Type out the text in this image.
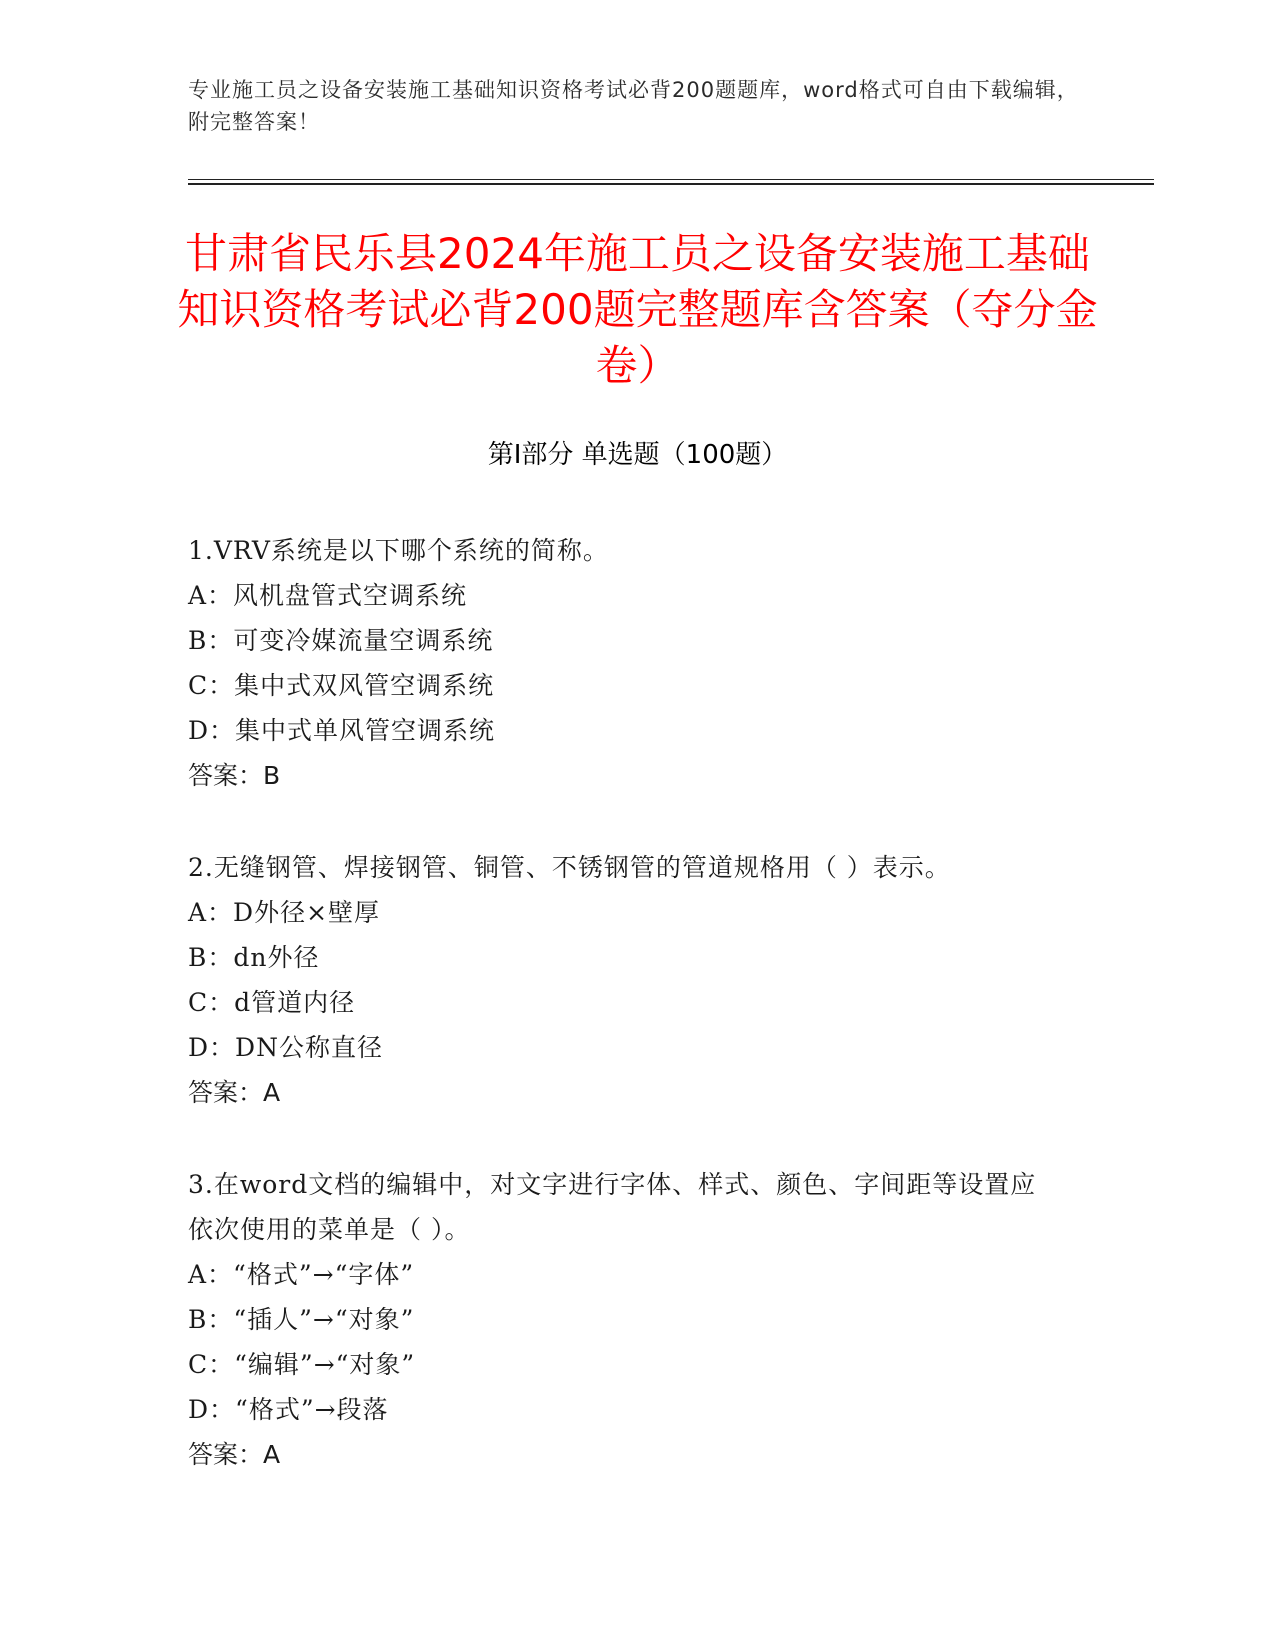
专业施工员之设备安装施工基础知识资格考试必背200题题库，word格式可自由下载编辑，附完整答案！
甘肃省民乐县2024年施工员之设备安装施工基础知识资格考试必背200题完整题库含答案（夺分金卷）
第I部分 单选题（100题）
1.VRV系统是以下哪个系统的简称。
A：风机盘管式空调系统
B：可变冷媒流量空调系统
C：集中式双风管空调系统
D：集中式单风管空调系统
答案：B
2.无缝钢管、焊接钢管、铜管、不锈钢管的管道规格用（ ）表示。
A：D外径×壁厚
B：dn外径
C：d管道内径
D：DN公称直径
答案：A
3.在word文档的编辑中，对文字进行字体、样式、颜色、字间距等设置应依次使用的菜单是（ ）。
A：“格式”→“字体”
B：“插人”→“对象”
C：“编辑”→“对象”
D：“格式”→段落
答案：A
